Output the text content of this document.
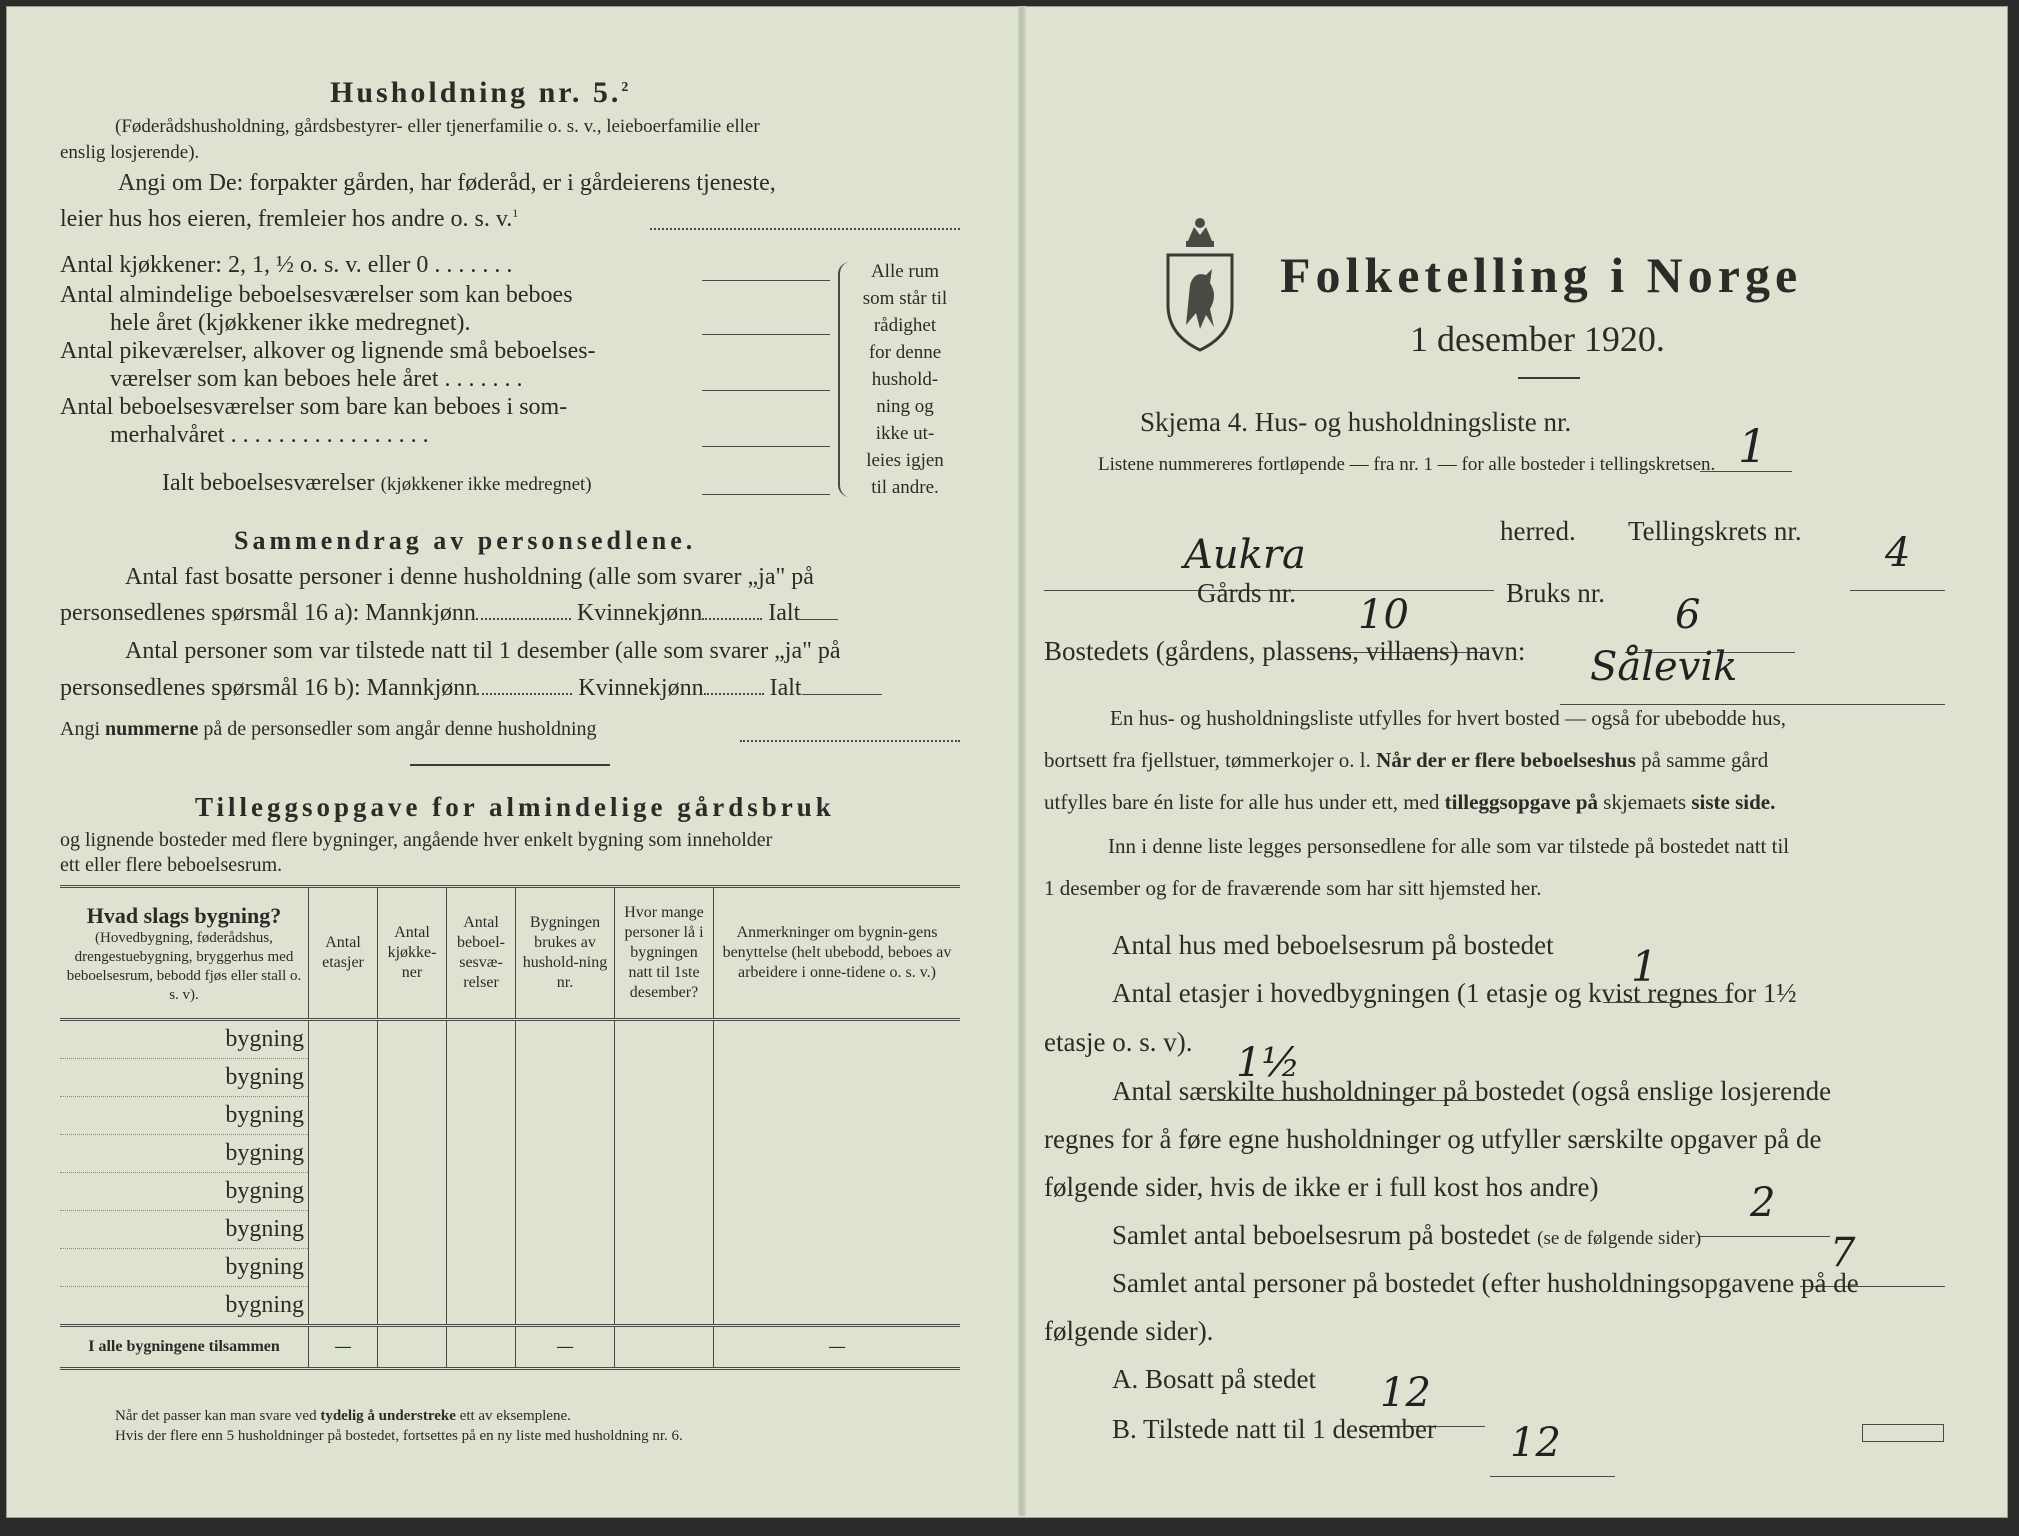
Husholdning nr. 5.$^2$
(Føderådshusholdning, gårdsbestyrer- eller tjenerfamilie o. s. v., leieboerfamilie eller
enslig losjerende).
Angi om De: forpakter gården, har føderåd, er i gårdeierens tjeneste,
leier hus hos eieren, fremleier hos andre o. s. v.$^1$
Antal kjøkkener: 2, 1, ½ o. s. v. eller 0 . . . . . . .
Antal almindelige beboelsesværelser som kan beboes
hele året (kjøkkener ikke medregnet).
Antal pikeværelser, alkover og lignende små beboelses-
værelser som kan beboes hele året . . . . . . .
Antal beboelsesværelser som bare kan beboes i som-
merhalvåret . . . . . . . . . . . . . . . . .
Ialt beboelsesværelser (kjøkkener ikke medregnet)
Alle rum
som står til
rådighet
for denne
hushold-
ning og
ikke ut-
leies igjen
til andre.
Sammendrag av personsedlene.
Antal fast bosatte personer i denne husholdning (alle som svarer „ja" på
personsedlenes spørsmål 16 a): Mannkjønn	Kvinnekjønn	Ialt
Antal personer som var tilstede natt til 1 desember (alle som svarer „ja" på
personsedlenes spørsmål 16 b): Mannkjønn	Kvinnekjønn	Ialt
Angi nummerne på de personsedler som angår denne husholdning
Tilleggsopgave for almindelige gårdsbruk
og lignende bosteder med flere bygninger, angående hver enkelt bygning som inneholder
ett eller flere beboelsesrum.
Hvad slags bygning?
(Hovedbygning, føderådshus, drengestuebygning, bryggerhus med beboelsesrum, bebodd fjøs eller stall o. s. v).	Antal etasjer	Antal kjøkke-ner	Antal beboel-sesvæ-relser	Bygningen brukes av hushold-ning nr.	Hvor mange personer lå i bygningen natt til 1ste desember?	Anmerkninger om bygnin-gens benyttelse (helt ubebodd, beboes av arbeidere i onne-tidene o. s. v.)
bygning						
bygning						
bygning						
bygning						
bygning						
bygning						
bygning						
bygning						
I alle bygningene tilsammen	—			—		—
Når det passer kan man svare ved tydelig å understreke ett av eksemplene.
Hvis der flere enn 5 husholdninger på bostedet, fortsettes på en ny liste med husholdning nr. 6.
Folketelling i Norge
1 desember 1920.
Skjema 4. Hus- og husholdningsliste nr.	1
Listene nummereres fortløpende — fra nr. 1 — for alle bosteder i tellingskretsen.
Aukra
herred. Tellingskrets nr. 4
Gårds nr. 10	Bruks nr. 6
Bostedets (gårdens, plassens, villaens) navn: Sålevik
En hus- og husholdningsliste utfylles for hvert bosted — også for ubebodde hus,
bortsett fra fjellstuer, tømmerkojer o. l. Når der er flere beboelseshus på samme gård
utfylles bare én liste for alle hus under ett, med tilleggsopgave på skjemaets siste side.
Inn i denne liste legges personsedlene for alle som var tilstede på bostedet natt til
1 desember og for de fraværende som har sitt hjemsted her.
Antal hus med beboelsesrum på bostedet 1
Antal etasjer i hovedbygningen (1 etasje og kvist regnes for 1½
etasje o. s. v). 1½
Antal særskilte husholdninger på bostedet (også enslige losjerende
regnes for å føre egne husholdninger og utfyller særskilte opgaver på de
følgende sider, hvis de ikke er i full kost hos andre)	2
Samlet antal beboelsesrum på bostedet (se de følgende sider)	7
Samlet antal personer på bostedet (efter husholdningsopgavene på de
følgende sider).
A. Bosatt på stedet 12
B. Tilstede natt til 1 desember 12
